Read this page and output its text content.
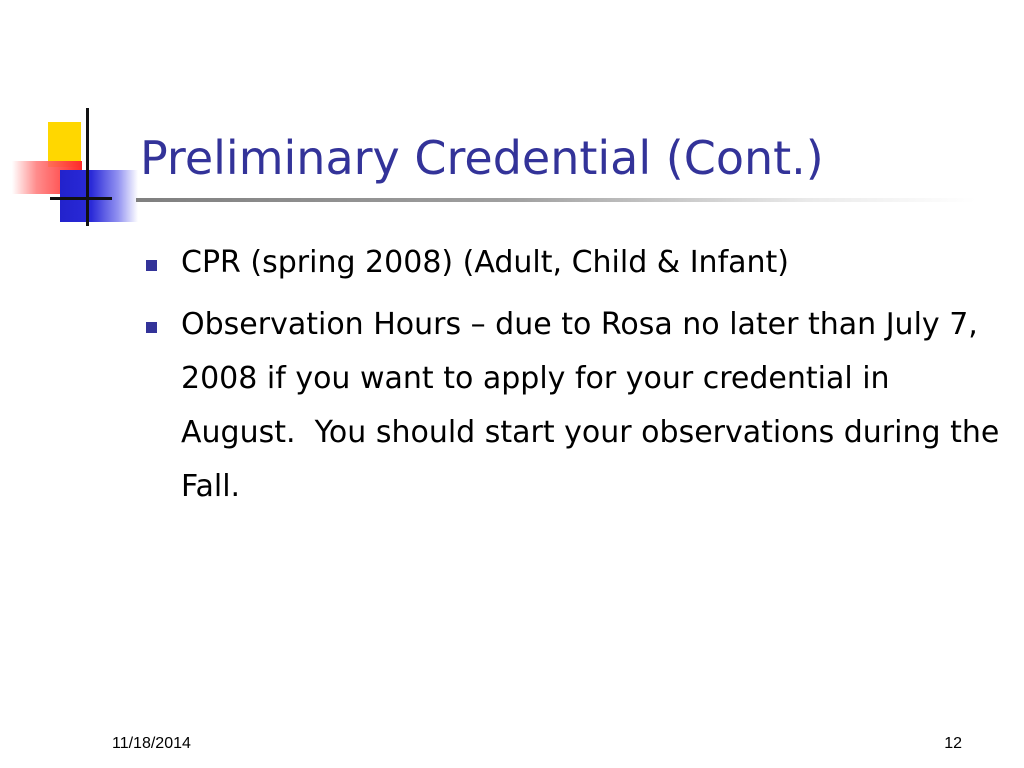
Preliminary Credential (Cont.)
CPR (spring 2008) (Adult, Child & Infant)
Observation Hours – due to Rosa no later than July 7, 2008 if you want to apply for your credential in August.  You should start your observations during the Fall.
11/18/2014	12
